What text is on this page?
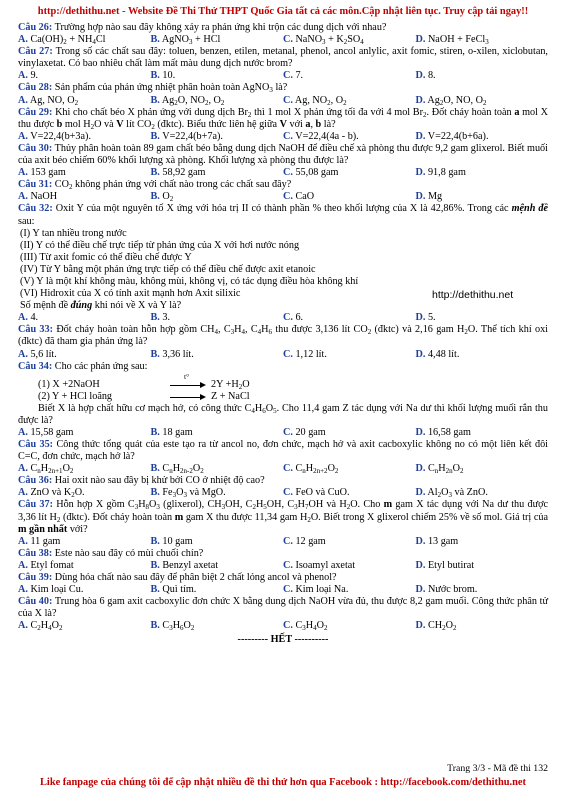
http://dethithu.net - Website Đề Thi Thử THPT Quốc Gia tất cả các môn.Cập nhật liên tục. Truy cập tải ngay!!
Câu 26: Trường hợp nào sau đây không xảy ra phản ứng khi trộn các dung dịch với nhau?
A. $Ca(OH)_2 + NH_4Cl$	B. AgNO$_3$ + HCl	C. NaNO$_3$ + $K_2SO_4$	D. NaOH + FeCl$_3$
Câu 27: Trong số các chất sau đây: toluen, benzen, etilen, metanal, phenol, ancol anlylic, axit fomic, stiren, o-xilen, xiclobutan, vinylaxetat. Có bao nhiêu chất làm mất màu dung dịch nước brom?
A. 9.	B. 10.	C. 7.	D. 8.
Câu 28: Sản phẩm của phản ứng nhiệt phân hoàn toàn AgNO$_3$ là?
A. Ag, NO, $O_2$	B. $Ag_2O$, $NO_2$, $O_2$	C. Ag, $NO_2$, $O_2$	D. $Ag_2O$, NO, $O_2$
Câu 29: Khi cho chất béo X phản ứng với dung dịch $Br_2$ thì 1 mol X phản ứng tối đa với 4 mol $Br_2$. Đốt cháy hoàn toàn a mol X thu được b mol $H_2O$ và V lít $CO_2$ (đktc). Biểu thức liên hệ giữa V với a, b là?
A. V=22,4(b+3a).	B. V=22,4(b+7a).	C. V=22,4(4a - b).	D. V=22,4(b+6a).
Câu 30: Thủy phân hoàn toàn 89 gam chất béo bằng dung dịch NaOH để điều chế xà phòng thu được 9,2 gam glixerol. Biết muối của axit béo chiếm 60% khối lượng xà phòng. Khối lượng xà phòng thu được là?
A. 153 gam	B. 58,92 gam	C. 55,08 gam	D. 91,8 gam
Câu 31: $CO_2$ không phản ứng với chất nào trong các chất sau đây?
A. NaOH	B. $O_2$	C. CaO	D. Mg
Câu 32: Oxit Y của một nguyên tố X ứng với hóa trị II có thành phần % theo khối lượng của X là 42,86%. Trong các mệnh đề sau:
(I) Y tan nhiều trong nước
(II) Y có thể điều chế trực tiếp từ phản ứng của X với hơi nước nóng
(III) Từ axit fomic có thể điều chế được Y
(IV) Từ Y bằng một phản ứng trực tiếp có thể điều chế được axit etanoic
(V) Y là một khí không màu, không mùi, không vị, có tác dụng điều hòa không khí
(VI) Hidroxit của X có tính axit mạnh hơn Axit silixic
Số mệnh đề đúng khi nói về X và Y là?
A. 4.	B. 3.	C. 6.	D. 5.
Câu 33: Đốt cháy hoàn toàn hỗn hợp gồm $CH_4$, $C_3H_4$, $C_4H_6$ thu được 3,136 lít $CO_2$ (đktc) và 2,16 gam $H_2O$. Thể tích khí oxi (đktc) đã tham gia phản ứng là?
A. 5,6 lít.	B. 3,36 lít.	C. 1,12 lít.	D. 4,48 lít.
Câu 34: Cho các phản ứng sau:
(1) X +2NaOH
t°
$2Y +H_2O$
(2) Y + HCl loãng	Z + NaCl
Biết X là hợp chất hữu cơ mạch hở, có công thức $C_4H_6O_5$. Cho 11,4 gam Z tác dụng với Na dư thì khối lượng muối rắn thu được là?
A. 15,58 gam	B. 18 gam	C. 20 gam	D. 16,58 gam
Câu 35: Công thức tổng quát của este tạo ra từ ancol no, đơn chức, mạch hở và axit cacboxylic không no có một liên kết đôi C=C, đơn chức, mạch hở là?
A. $C_nH_{2n+1}O_2$	B. $C_nH_{2n-2}O_2$	C. $C_nH_{2n+2}O_2$	D. $C_nH_{2n}O_2$
Câu 36: Hai oxit nào sau đây bị khử bởi CO ở nhiệt độ cao?
A. ZnO và $K_2O$.	B. $Fe_3O_3$ và MgO.	C. FeO và CuO.	D. $Al_2O_3$ và ZnO.
Câu 37: Hỗn hợp X gồm $C_3H_8O_3$ (glixerol), $CH_3OH$, $C_2H_5OH$, $C_3H_7OH$ và $H_2O$. Cho m gam X tác dụng với Na dư thu được 3,36 lít $H_2$ (đktc). Đốt cháy hoàn toàn m gam X thu được 11,34 gam $H_2O$. Biết trong X glixerol chiếm 25% về số mol. Giá trị của m gần nhất với?
A. 11 gam	B. 10 gam	C. 12 gam	D. 13 gam
Câu 38: Este nào sau đây có mùi chuối chín?
A. Etyl fomat	B. Benzyl axetat	C. Isoamyl axetat	D. Etyl butirat
Câu 39: Dùng hóa chất nào sau đây để phân biệt 2 chất lỏng ancol và phenol?
A. Kim loại Cu.	B. Quì tím.	C. Kim loại Na.	D. Nước brom.
Câu 40: Trung hòa 6 gam axit cacboxylic đơn chức X bằng dung dịch NaOH vừa đủ, thu được 8,2 gam muối. Công thức phân tử của X là?
A. $C_2H_4O_2$	B. $C_3H_6O_2$	C. $C_3H_4O_2$	D. $CH_2O_2$
--------- HẾT ----------
http://dethithu.net
Trang 3/3 - Mã đề thi 132
Like fanpage của chúng tôi để cập nhật nhiều đề thi thử hơn qua Facebook : http://facebook.com/dethithu.net
